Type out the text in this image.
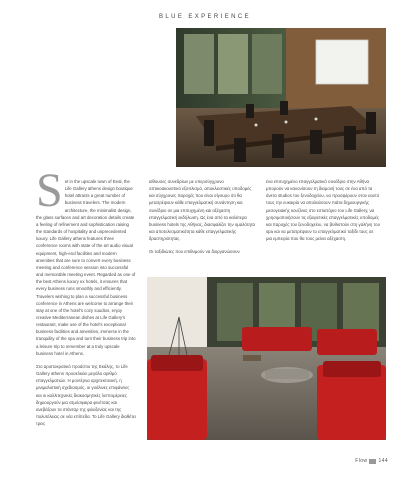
BLUE EXPERIENCE

Set in the upscale town of Eeal, the Life Gallery athens design boutique hotel attracts a great number of business travelers. The modern architecture, the minimalist design, the glass surfaces and art decoration details create a feeling of refinement and sophistication raising the standards of hospitality and unprecedented luxury. Life Gallery athens features three conference rooms with state of the art audio visual equipment, high-end facilities and modern amenities that are sure to convert every business meeting and conference session into successful and memorable meeting event. Regarded as one of the best Athens luxury ex hotels, it ensures that every business runs smoothly and efficiently. Travelers wishing to plan a successful business conference in Athens are welcome to arrange their stay at one of the hotel's cozy suudios, enjoy creative Mediterranean dishes at Life Gallery's restaurant, make use of the hotel's exceptional business facilities and amenities, immerse in the tranquility of the spa and turn their business trip into a leisure trip to remember at a truly upscale business hotel in Athens.

Στο αριστοκρατικό προάστιο της Εκάλης, το Life Gallery athens προσελκύει μεγάλο αριθμό επαγγελματιών. Η μοντέρνα αρχιτεκτονική, η μινιμαλιστική σχεδιασμός, οι γυάλινες επιφάνειες και οι καλλιτεχνικές διακοσμητικές λεπτομέρειες δημιουργούν μια ατμόσφαιρα φινέτσας και ανεβάζουν τα στάνταρ της φιλοξενίας και της πολυτέλειας σε νέα επίπεδα. Το Life Gallery διαθέτει τρεις

αίθουσες συνεδρίων με υπερσύγχρονο οπτικοακουστικό εξοπλισμό, αποκλειστικές υποδομές και σύγχρονες παροχές που είναι σίγουρο ότι θα μετατρέψουν κάθε επαγγελματική συνάντηση και συνέδριο σε μια επιτυχημένη και αξέχαστη επαγγελματική εκδήλωση. Ως ένα από τα καλύτερα business hotels της Αθήνας, διασφαλίζει την ομαλότητα και αποτελεσματικότητα κάθε επαγγελματικής δραστηριότητας.

Οι ταξιδιώτες που επιθυμούν να διοργανώσουν

ένα επιτυχημένο επαγγελματικό συνέδριο στην Αθήνα μπορούν να κανονίσουν τη διαμονή τους σε ένα από τα άνετα studios του ξενοδοχείου, να προσφέρουν στον εαυτό τους την ευκαιρία να απολαύσουν πιάτα δημιουργικής μεσογειακής κουζίνας στο εστιατόριο του Life Gallery, να χρησιμοποιήσουν τις εξαιρετικές επαγγελματικές υποδομές και παροχές του ξενοδοχείου, να βυθιστούν στη γαλήνη του spa και να μετατρέψουν το επαγγελματικό ταξίδι τους σε μια εμπειρία που θα τους μείνει αξέχαστη.

Flow 144
